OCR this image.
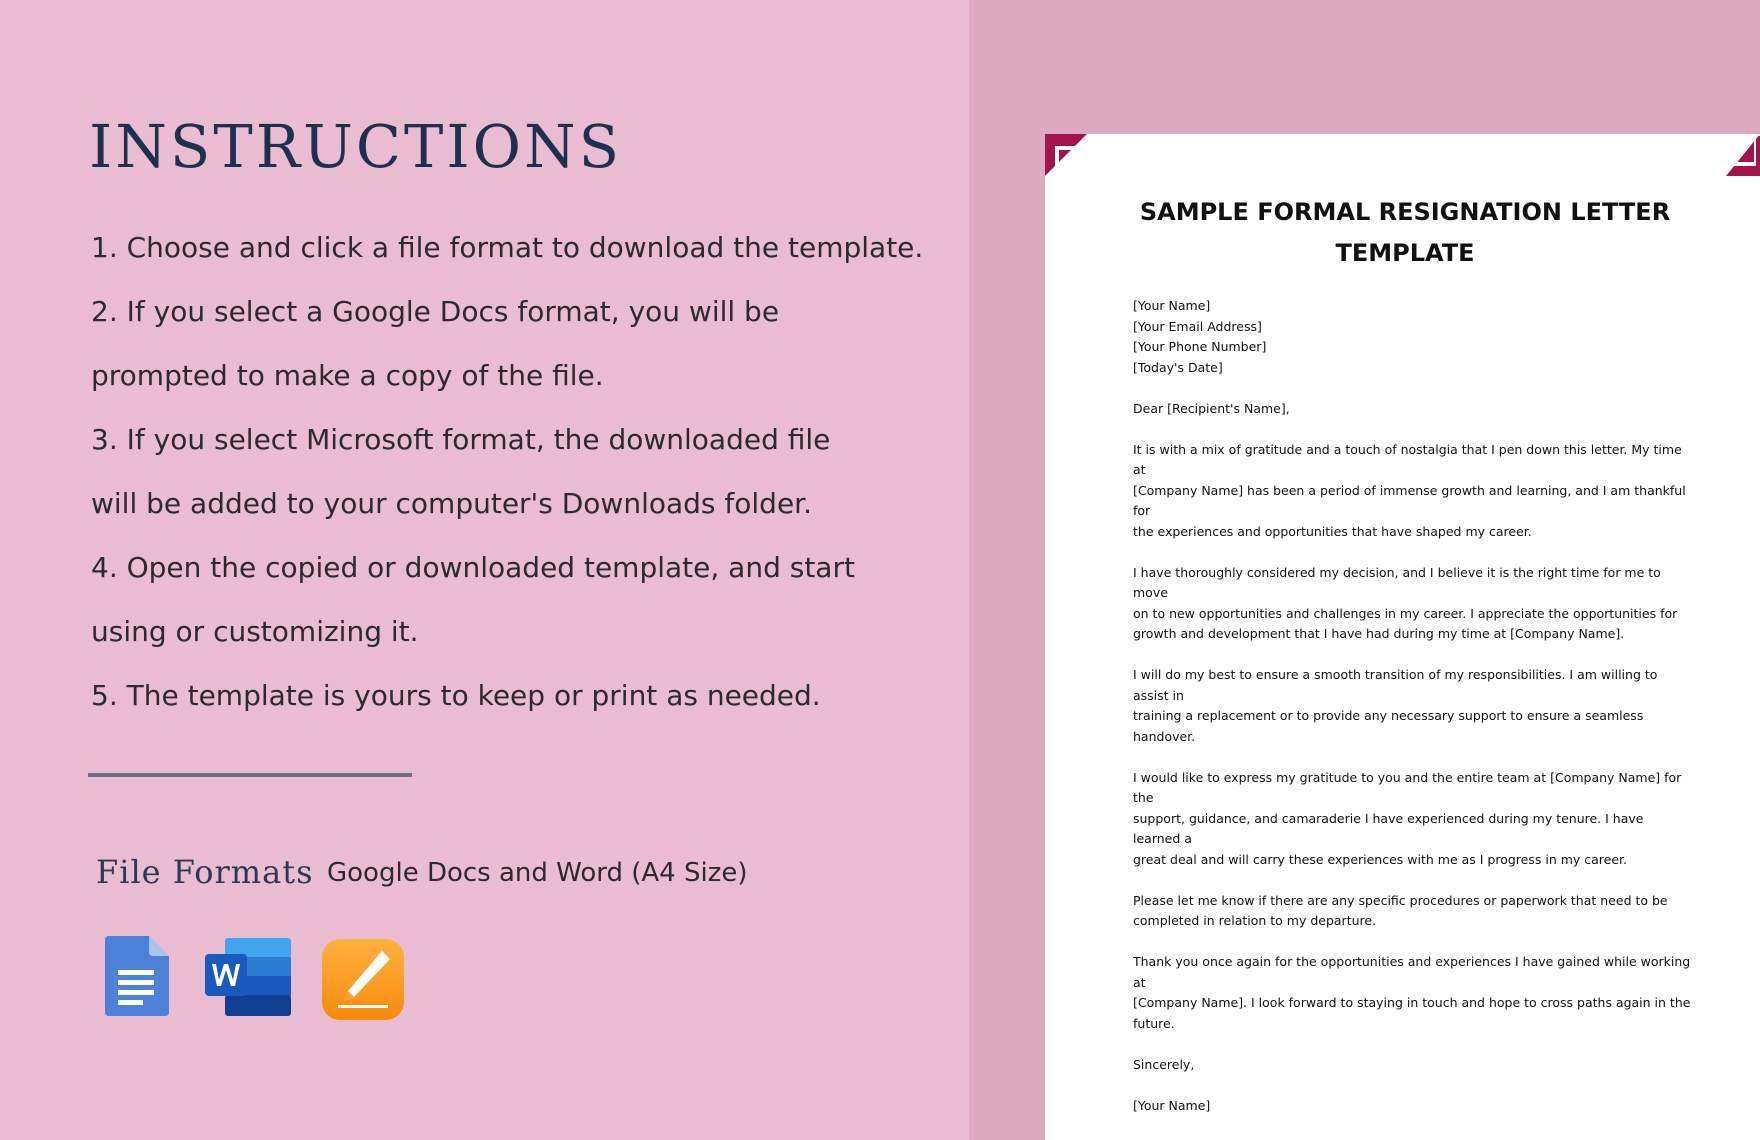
INSTRUCTIONS
1. Choose and click a file format to download the template.
2. If you select a Google Docs format, you will be
prompted to make a copy of the file.
3. If you select Microsoft format, the downloaded file
will be added to your computer's Downloads folder.
4. Open the copied or downloaded template, and start
using or customizing it.
5. The template is yours to keep or print as needed.
File Formats Google Docs and Word (A4 Size)
SAMPLE FORMAL RESIGNATION LETTER
TEMPLATE

[Your Name]
[Your Email Address]
[Your Phone Number]
[Today's Date]

Dear [Recipient's Name],

It is with a mix of gratitude and a touch of nostalgia that I pen down this letter. My time at
[Company Name] has been a period of immense growth and learning, and I am thankful for
the experiences and opportunities that have shaped my career.

I have thoroughly considered my decision, and I believe it is the right time for me to move
on to new opportunities and challenges in my career. I appreciate the opportunities for
growth and development that I have had during my time at [Company Name].

I will do my best to ensure a smooth transition of my responsibilities. I am willing to assist in
training a replacement or to provide any necessary support to ensure a seamless handover.

I would like to express my gratitude to you and the entire team at [Company Name] for the
support, guidance, and camaraderie I have experienced during my tenure. I have learned a
great deal and will carry these experiences with me as I progress in my career.

Please let me know if there are any specific procedures or paperwork that need to be
completed in relation to my departure.

Thank you once again for the opportunities and experiences I have gained while working at
[Company Name]. I look forward to staying in touch and hope to cross paths again in the
future.

Sincerely,

[Your Name]
